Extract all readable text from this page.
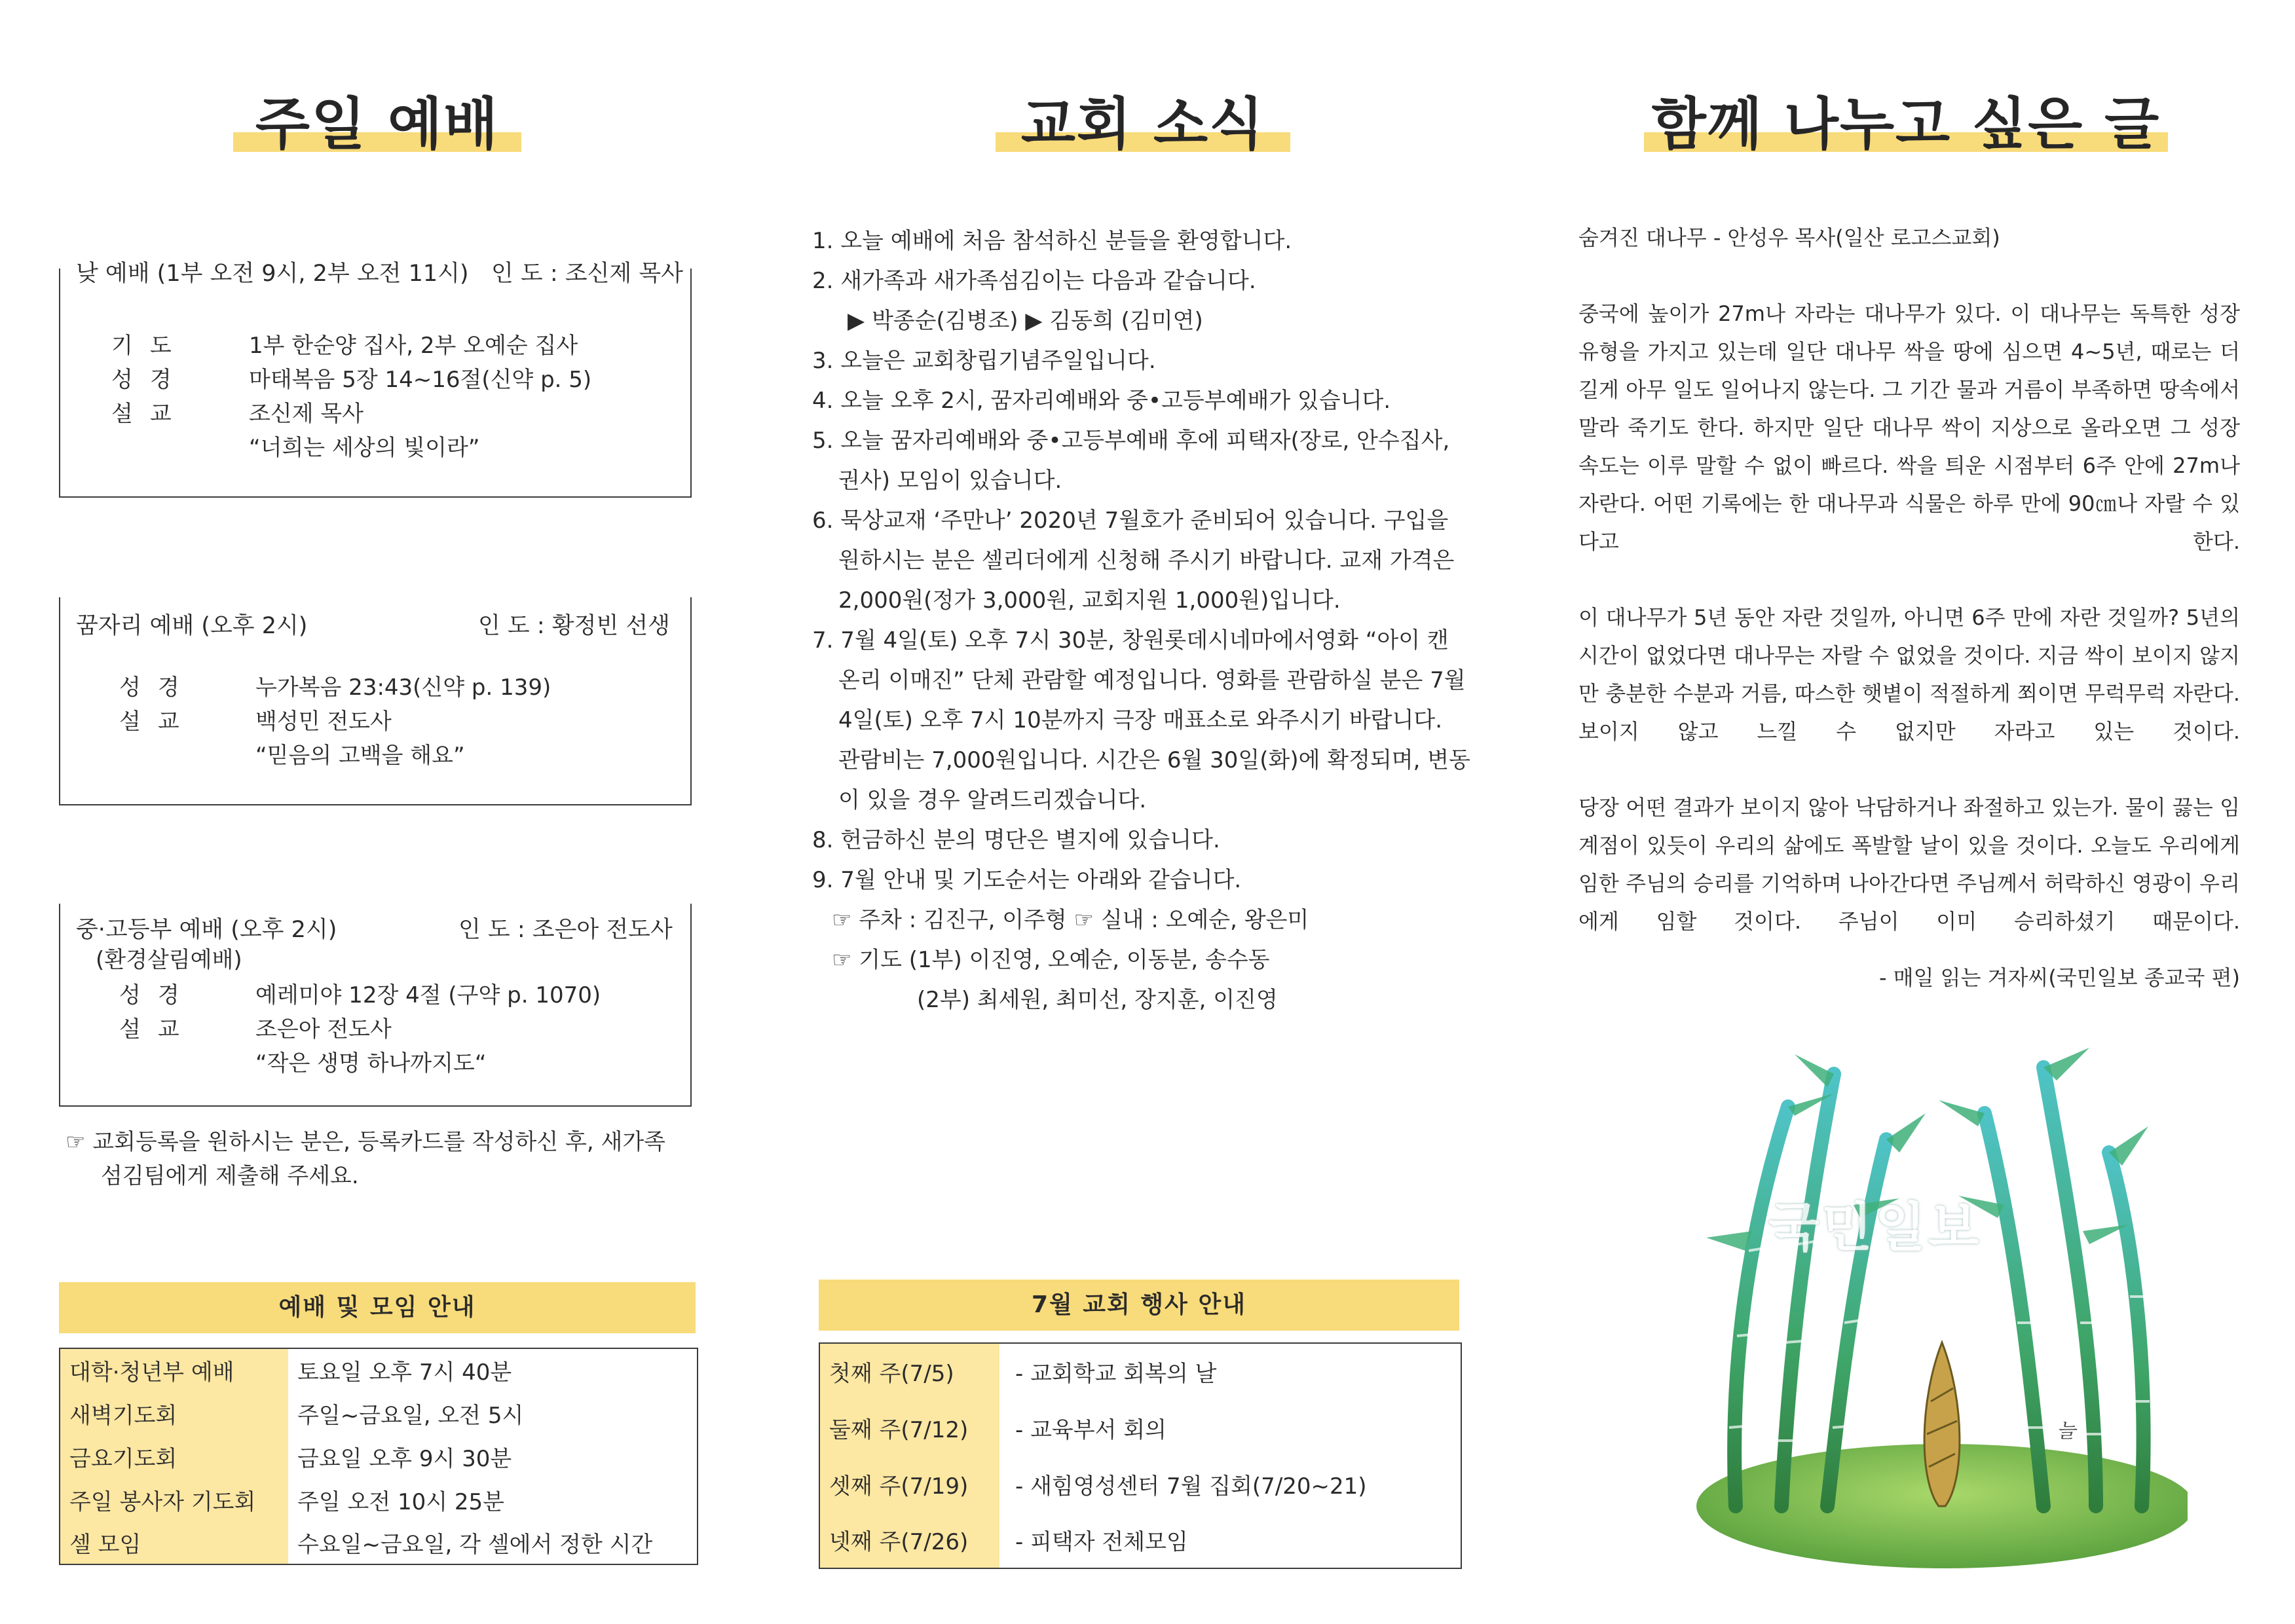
주일 예배
낮 예배 (1부 오전 9시, 2부 오전 11시) 인 도 : 조신제 목사
기도	1부 한순양 집사, 2부 오예순 집사
성경	마태복음 5장 14~16절(신약 p. 5)
설교	조신제 목사
“너희는 세상의 빛이라”
꿈자리 예배 (오후 2시)	인 도 : 황정빈 선생
성경	누가복음 23:43(신약 p. 139)
설교	백성민 전도사
“믿음의 고백을 해요”
중·고등부 예배 (오후 2시)	인 도 : 조은아 전도사
(환경살림예배)
성경	예레미야 12장 4절 (구약 p. 1070)
설교	조은아 전도사
“작은 생명 하나까지도“
☞ 교회등록을 원하시는 분은, 등록카드를 작성하신 후, 새가족
섬김팀에게 제출해 주세요.
예배 및 모임 안내
대학·청년부 예배	토요일 오후 7시 40분
새벽기도회	주일~금요일, 오전 5시
금요기도회	금요일 오후 9시 30분
주일 봉사자 기도회	주일 오전 10시 25분
셀 모임	수요일~금요일, 각 셀에서 정한 시간
교회 소식

1. 오늘 예배에 처음 참석하신 분들을 환영합니다.

2. 새가족과 새가족섬김이는 다음과 같습니다.

▶ 박종순(김병조) ▶ 김동희 (김미연)

3. 오늘은 교회창립기념주일입니다.

4. 오늘 오후 2시, 꿈자리예배와 중•고등부예배가 있습니다.

5. 오늘 꿈자리예배와 중•고등부예배 후에 피택자(장로, 안수집사,

권사) 모임이 있습니다.

6. 묵상교재 ‘주만나’ 2020년 7월호가 준비되어 있습니다. 구입을

원하시는 분은 셀리더에게 신청해 주시기 바랍니다. 교재 가격은

2,000원(정가 3,000원, 교회지원 1,000원)입니다.

7. 7월 4일(토) 오후 7시 30분, 창원롯데시네마에서영화 “아이 캔

온리 이매진” 단체 관람할 예정입니다. 영화를 관람하실 분은 7월

4일(토) 오후 7시 10분까지 극장 매표소로 와주시기 바랍니다.

관람비는 7,000원입니다. 시간은 6월 30일(화)에 확정되며, 변동

이 있을 경우 알려드리겠습니다.

8. 헌금하신 분의 명단은 별지에 있습니다.

9. 7월 안내 및 기도순서는 아래와 같습니다.

☞ 주차 : 김진구, 이주형 ☞ 실내 : 오예순, 왕은미

☞ 기도 (1부) 이진영, 오예순, 이동분, 송수동

(2부) 최세원, 최미선, 장지훈, 이진영

7월 교회 행사 안내
첫째 주(7/5)	- 교회학교 회복의 날
둘째 주(7/12)	- 교육부서 회의
셋째 주(7/19)	- 새힘영성센터 7월 집회(7/20~21)
넷째 주(7/26)	- 피택자 전체모임
함께 나누고 싶은 글

숨겨진 대나무 - 안성우 목사(일산 로고스교회)

중국에 높이가 27m나 자라는 대나무가 있다. 이 대나무는 독특한 성장 유형을 가지고 있는데 일단 대나무 싹을 땅에 심으면 4~5년, 때로는 더 길게 아무 일도 일어나지 않는다. 그 기간 물과 거름이 부족하면 땅속에서 말라 죽기도 한다. 하지만 일단 대나무 싹이 지상으로 올라오면 그 성장 속도는 이루 말할 수 없이 빠르다. 싹을 틔운 시점부터 6주 안에 27m나 자란다. 어떤 기록에는 한 대나무과 식물은 하루 만에 90㎝나 자랄 수 있다고 한다.

이 대나무가 5년 동안 자란 것일까, 아니면 6주 만에 자란 것일까? 5년의 시간이 없었다면 대나무는 자랄 수 없었을 것이다. 지금 싹이 보이지 않지만 충분한 수분과 거름, 따스한 햇볕이 적절하게 쬐이면 무럭무럭 자란다. 보이지 않고 느낄 수 없지만 자라고 있는 것이다.

당장 어떤 결과가 보이지 않아 낙담하거나 좌절하고 있는가. 물이 끓는 임계점이 있듯이 우리의 삶에도 폭발할 날이 있을 것이다. 오늘도 우리에게 임한 주님의 승리를 기억하며 나아간다면 주님께서 허락하신 영광이 우리에게 임할 것이다. 주님이 이미 승리하셨기 때문이다.

- 매일 읽는 겨자씨(국민일보 종교국 편)

국민일보
늘
